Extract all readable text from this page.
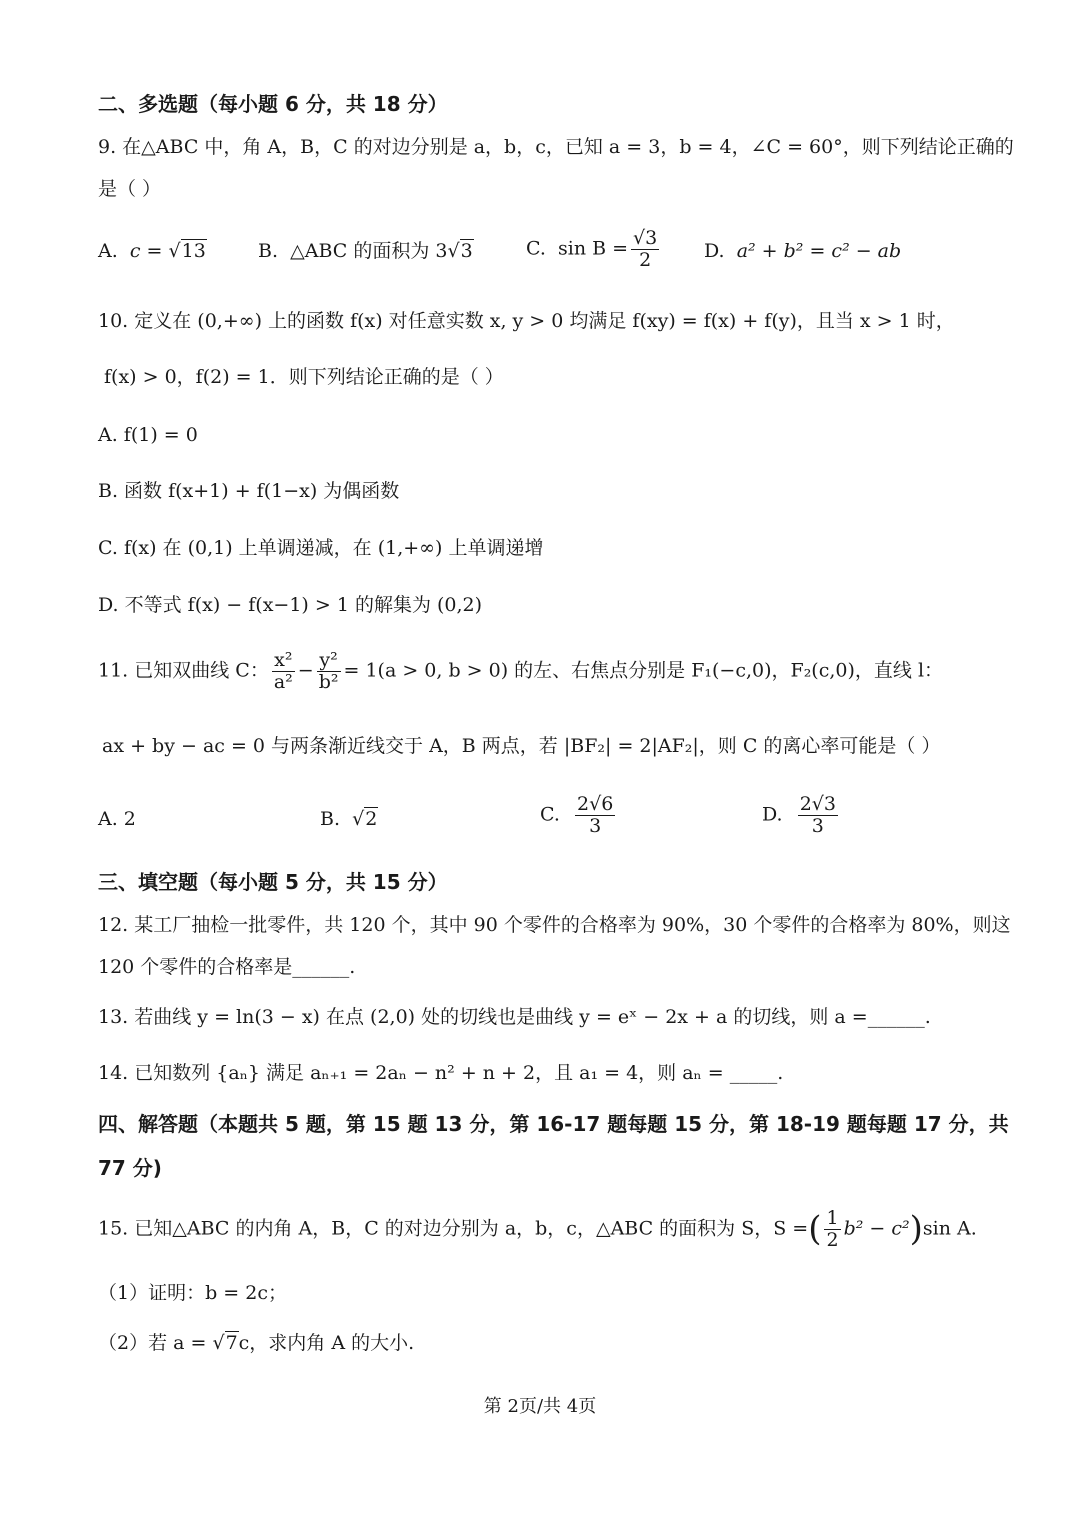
二、多选题（每小题 6 分，共 18 分）
9. 在△ABC 中，角 A，B，C 的对边分别是 a，b，c，已知 a = 3，b = 4，∠C = 60°，则下列结论正确的
是（ ）
A. c = √13	B. △ABC 的面积为 3√3	C. $\sin B = \frac{√3}{2} D$. a² + b² = c² − ab
10. 定义在 (0,+∞) 上的函数 f(x) 对任意实数 x, y > 0 均满足 f(xy) = f(x) + f(y)，且当 x > 1 时，
f(x) > 0，f(2) = 1．则下列结论正确的是（ ）
A. f(1) = 0
B. 函数 f(x+1) + f(1−x) 为偶函数
C. f(x) 在 (0,1) 上单调递减，在 (1,+∞) 上单调递增
D. 不等式 f(x) − f(x−1) > 1 的解集为 (0,2)
11. 已知双曲线 C： $\frac{\text{x²}}{\text{a²}} - \frac{\text{y²}}{\text{b²}} = 1(a > 0$, b > 0) 的左、右焦点分别是 F₁(−c,0)，F₂(c,0)，直线 l：
ax + by − ac = 0 与两条渐近线交于 A，B 两点，若 |BF₂| = 2|AF₂|，则 C 的离心率可能是（ ）
A. 2	B. √2	C. $\frac{2√6}{3}$	D. $\frac{2√3}{3}$
三、填空题（每小题 5 分，共 15 分）
12. 某工厂抽检一批零件，共 120 个，其中 90 个零件的合格率为 90%，30 个零件的合格率为 80%，则这
120 个零件的合格率是______.
13. 若曲线 y = ln(3 − x) 在点 (2,0) 处的切线也是曲线 y = eˣ − 2x + a 的切线，则 a =______.
14. 已知数列 {aₙ} 满足 aₙ₊₁ = 2aₙ − n² + n + 2，且 a₁ = 4，则 aₙ = _____.
四、解答题（本题共 5 题，第 15 题 13 分，第 16-17 题每题 15 分，第 18-19 题每题 17 分，共
77 分)
15. 已知△ABC 的内角 A，B，C 的对边分别为 a，b，c，△ABC 的面积为 S，S =( $\frac{1}{2} b^2 - c^2)\sin$ A.
（1）证明：b = 2c；
（2）若 a = √7c，求内角 A 的大小.
第 2页/共 4页
